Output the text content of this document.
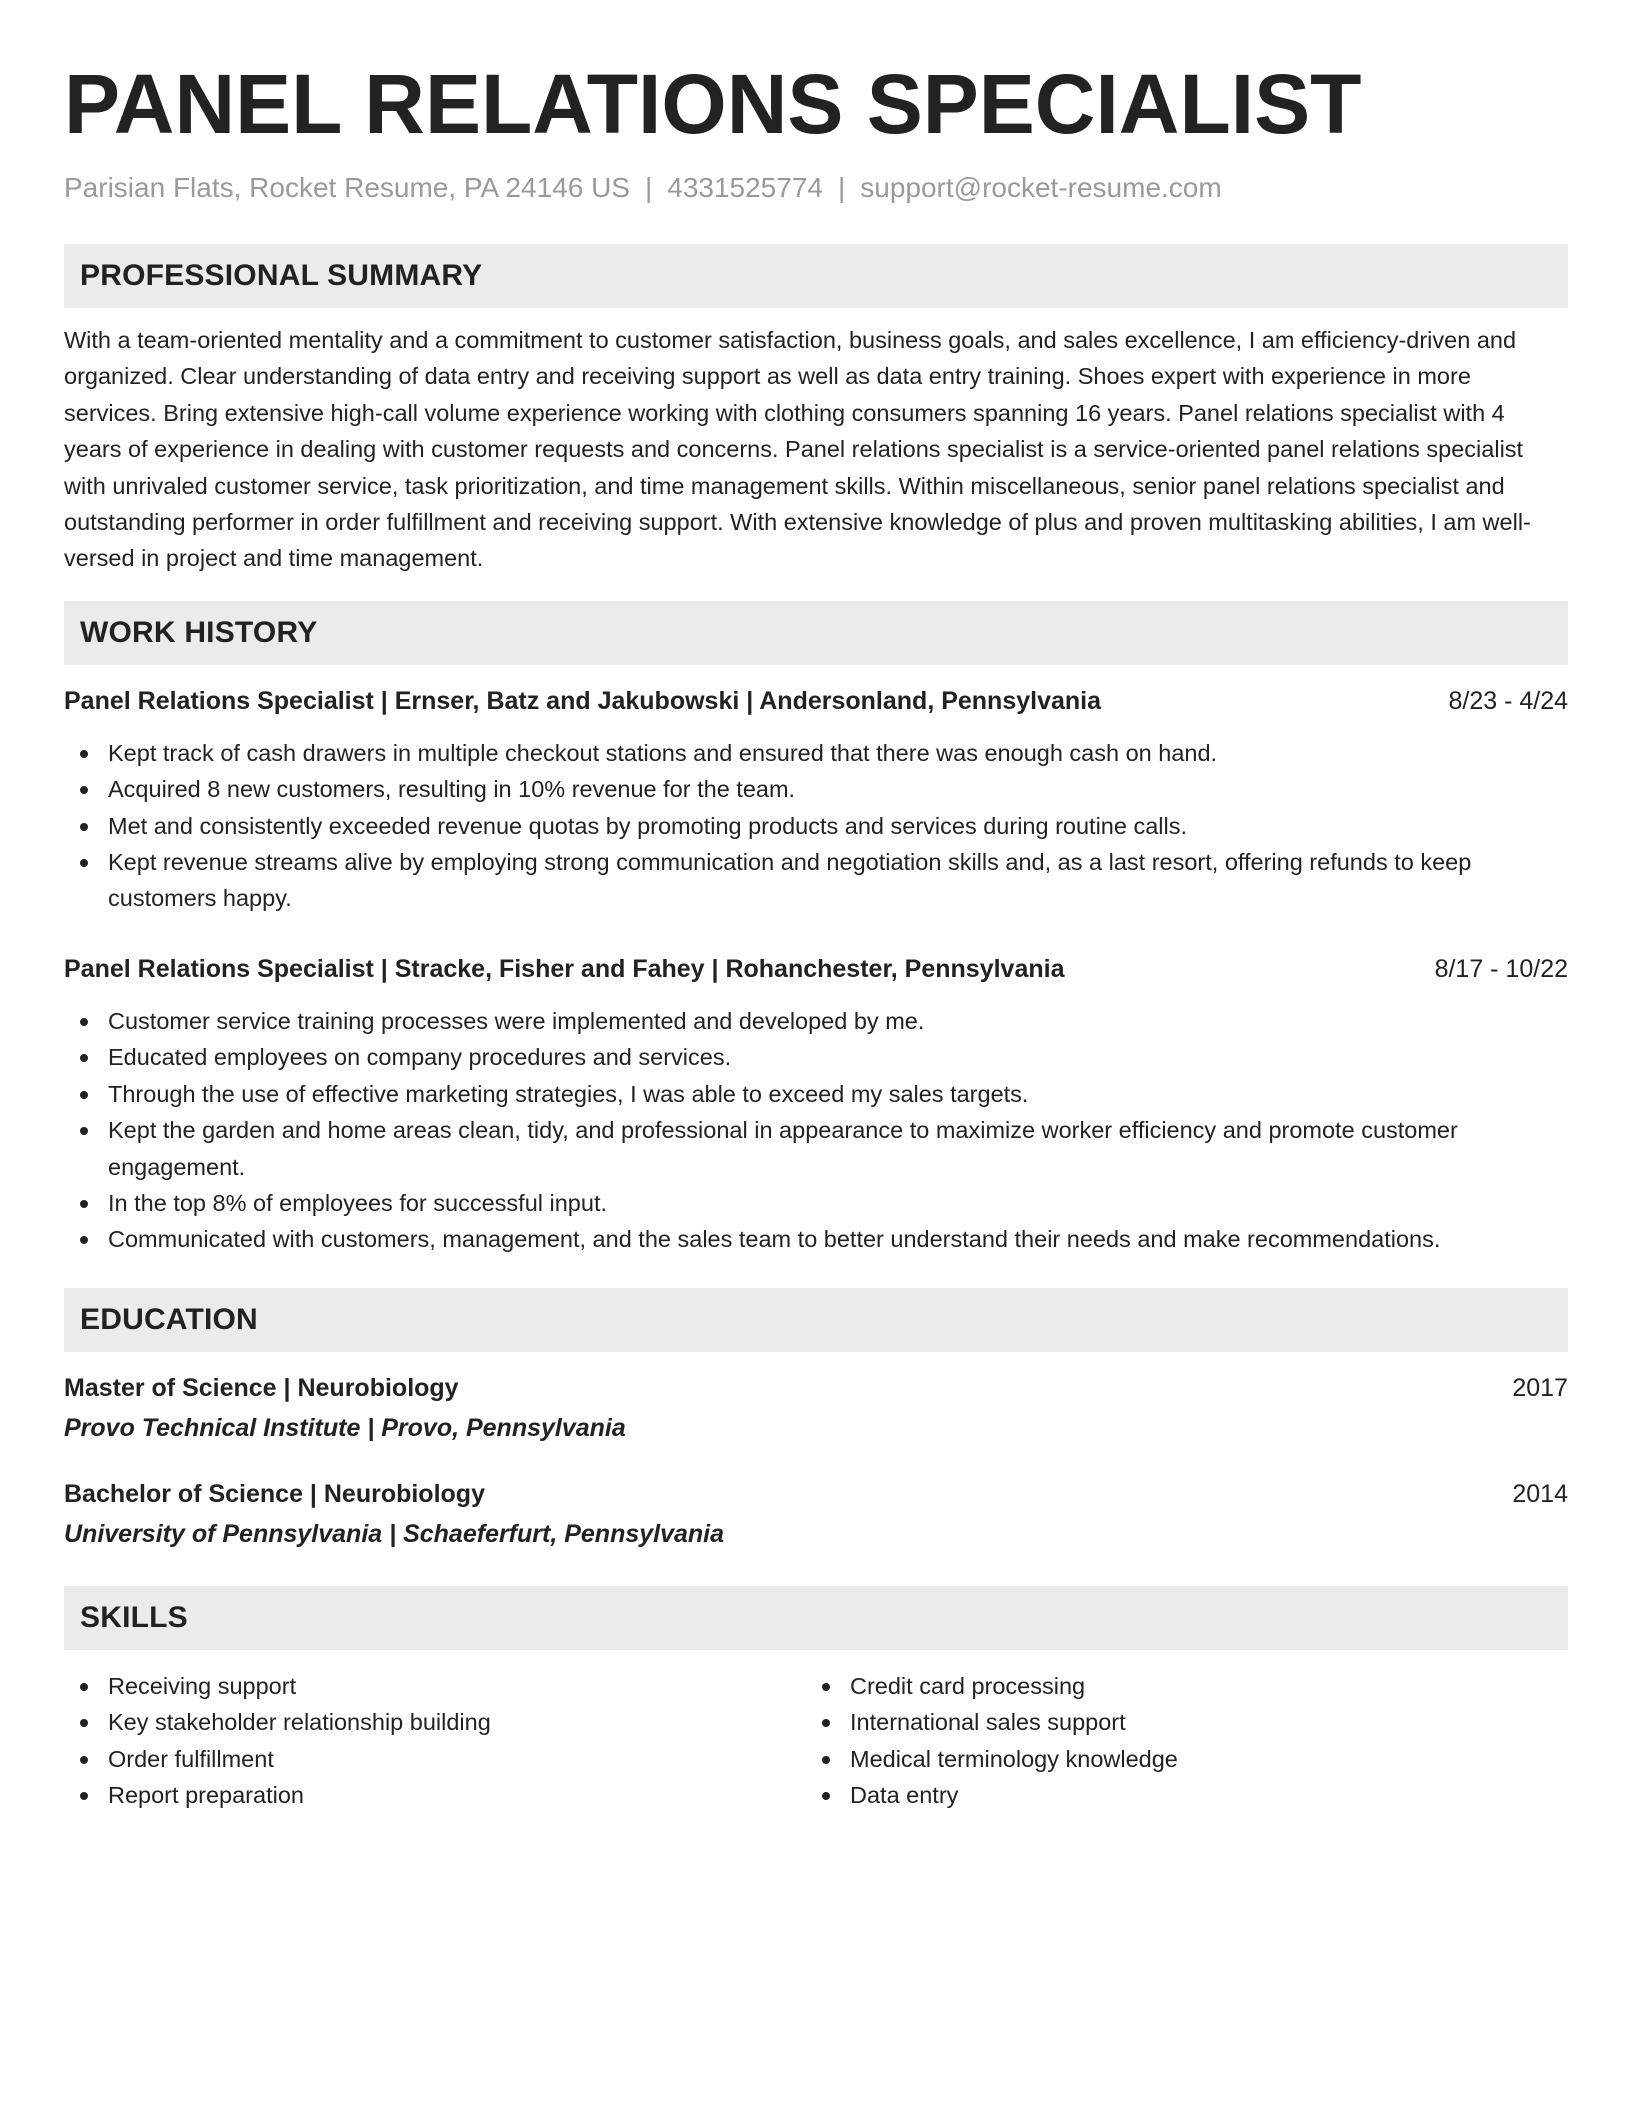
PANEL RELATIONS SPECIALIST
Parisian Flats, Rocket Resume, PA 24146 US | 4331525774 | support@rocket-resume.com
PROFESSIONAL SUMMARY

With a team-oriented mentality and a commitment to customer satisfaction, business goals, and sales excellence, I am efficiency-driven and organized. Clear understanding of data entry and receiving support as well as data entry training. Shoes expert with experience in more services. Bring extensive high-call volume experience working with clothing consumers spanning 16 years. Panel relations specialist with 4 years of experience in dealing with customer requests and concerns. Panel relations specialist is a service-oriented panel relations specialist with unrivaled customer service, task prioritization, and time management skills. Within miscellaneous, senior panel relations specialist and outstanding performer in order fulfillment and receiving support. With extensive knowledge of plus and proven multitasking abilities, I am well-versed in project and time management.

WORK HISTORY
Panel Relations Specialist | Ernser, Batz and Jakubowski | Andersonland, Pennsylvania	8/23 - 4/24
Kept track of cash drawers in multiple checkout stations and ensured that there was enough cash on hand.
Acquired 8 new customers, resulting in 10% revenue for the team.
Met and consistently exceeded revenue quotas by promoting products and services during routine calls.
Kept revenue streams alive by employing strong communication and negotiation skills and, as a last resort, offering refunds to keep customers happy.
Panel Relations Specialist | Stracke, Fisher and Fahey | Rohanchester, Pennsylvania	8/17 - 10/22
Customer service training processes were implemented and developed by me.
Educated employees on company procedures and services.
Through the use of effective marketing strategies, I was able to exceed my sales targets.
Kept the garden and home areas clean, tidy, and professional in appearance to maximize worker efficiency and promote customer engagement.
In the top 8% of employees for successful input.
Communicated with customers, management, and the sales team to better understand their needs and make recommendations.
EDUCATION
Master of Science | Neurobiology	2017
Provo Technical Institute | Provo, Pennsylvania
Bachelor of Science | Neurobiology	2014
University of Pennsylvania | Schaeferfurt, Pennsylvania
SKILLS
Receiving support
Key stakeholder relationship building
Order fulfillment
Report preparation
Credit card processing
International sales support
Medical terminology knowledge
Data entry
